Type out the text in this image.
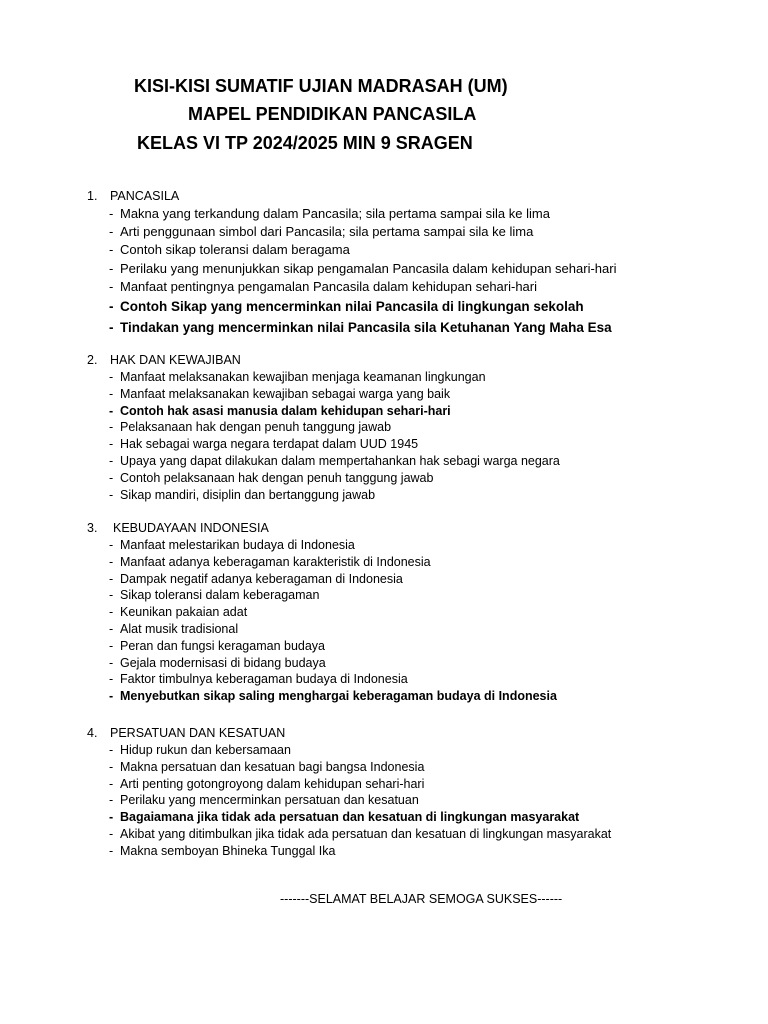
KISI-KISI SUMATIF UJIAN MADRASAH (UM)
MAPEL PENDIDIKAN PANCASILA
KELAS VI TP 2024/2025 MIN 9 SRAGEN
1. PANCASILA
- Makna yang terkandung dalam Pancasila; sila pertama sampai sila ke lima
- Arti penggunaan simbol dari Pancasila; sila pertama sampai sila ke lima
- Contoh sikap toleransi dalam beragama
- Perilaku yang menunjukkan sikap pengamalan Pancasila dalam kehidupan sehari-hari
- Manfaat pentingnya pengamalan Pancasila dalam kehidupan sehari-hari
- Contoh Sikap yang mencerminkan nilai Pancasila di lingkungan sekolah
- Tindakan yang mencerminkan nilai Pancasila sila Ketuhanan Yang Maha Esa
2. HAK DAN KEWAJIBAN
- Manfaat melaksanakan kewajiban menjaga keamanan lingkungan
- Manfaat melaksanakan kewajiban sebagai warga yang baik
- Contoh hak asasi manusia dalam kehidupan sehari-hari
- Pelaksanaan hak dengan penuh tanggung jawab
- Hak sebagai warga negara terdapat dalam UUD 1945
- Upaya yang dapat dilakukan dalam mempertahankan hak sebagi warga negara
- Contoh pelaksanaan hak dengan penuh tanggung jawab
- Sikap mandiri, disiplin dan bertanggung jawab
3. KEBUDAYAAN INDONESIA
- Manfaat melestarikan budaya di Indonesia
- Manfaat adanya keberagaman karakteristik di Indonesia
- Dampak negatif adanya keberagaman di Indonesia
- Sikap toleransi dalam keberagaman
- Keunikan pakaian adat
- Alat musik tradisional
- Peran dan fungsi keragaman budaya
- Gejala modernisasi di bidang budaya
- Faktor timbulnya keberagaman budaya di Indonesia
- Menyebutkan sikap saling menghargai keberagaman budaya di Indonesia
4. PERSATUAN DAN KESATUAN
- Hidup rukun dan kebersamaan
- Makna persatuan dan kesatuan bagi bangsa Indonesia
- Arti penting gotongroyong dalam kehidupan sehari-hari
- Perilaku yang mencerminkan persatuan dan kesatuan
- Bagaiamana jika tidak ada persatuan dan kesatuan di lingkungan masyarakat
- Akibat yang ditimbulkan jika tidak ada persatuan dan kesatuan di lingkungan masyarakat
- Makna semboyan Bhineka Tunggal Ika
-------SELAMAT BELAJAR SEMOGA SUKSES------
